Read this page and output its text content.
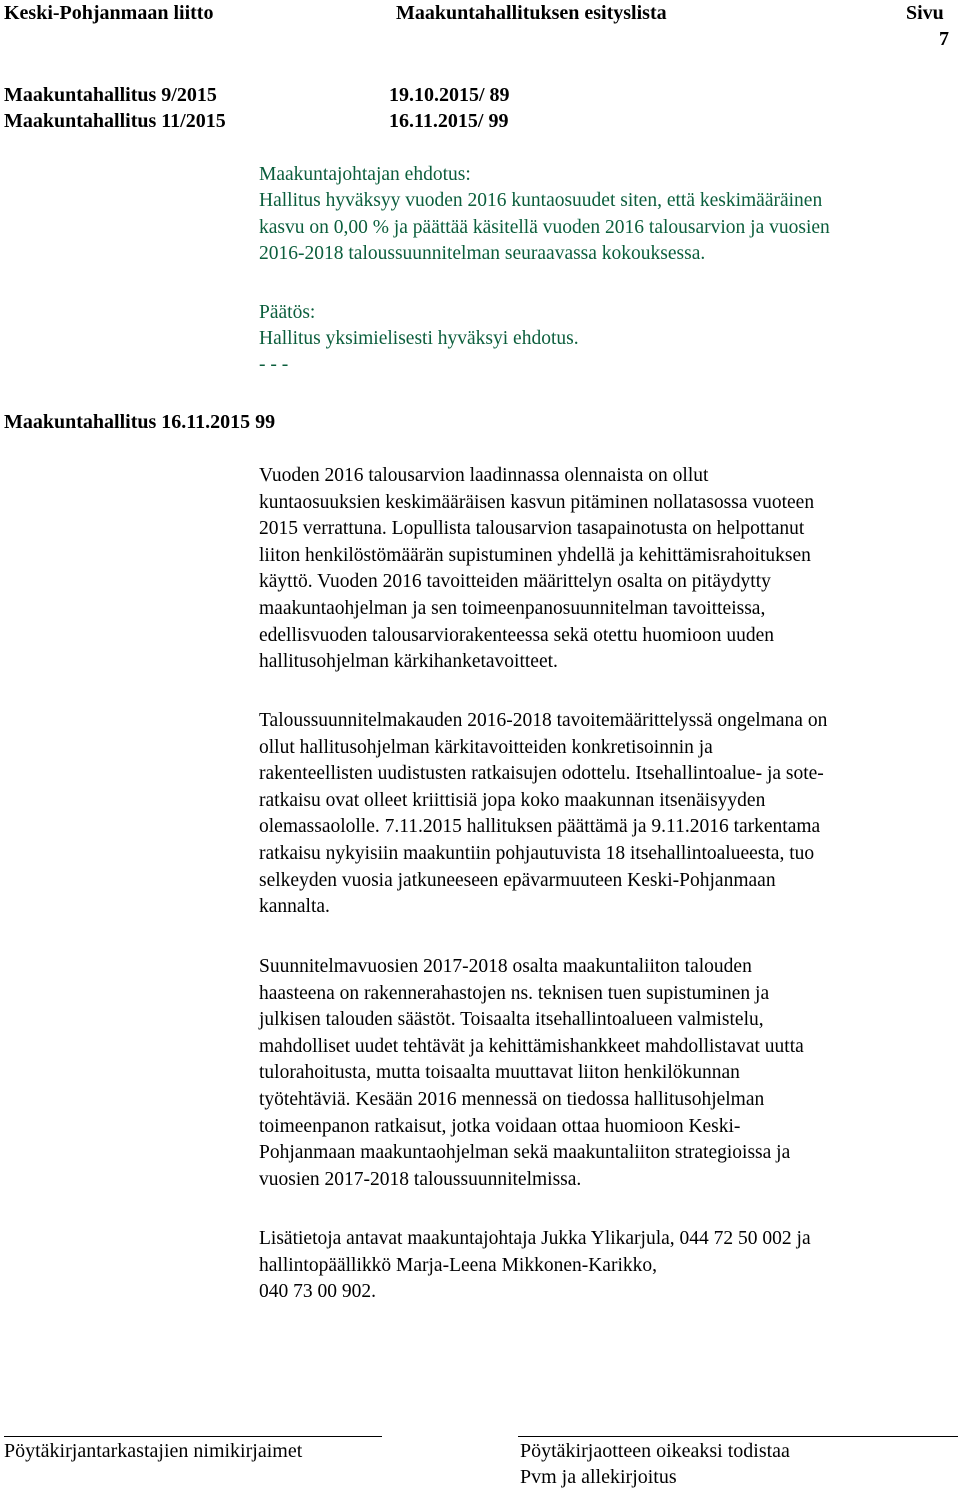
Keski-Pohjanmaan liitto	Maakuntahallituksen esityslista	Sivu
7
Maakuntahallitus 9/2015	19.10.2015/ 89
Maakuntahallitus 11/2015	16.11.2015/ 99
Maakuntajohtajan ehdotus:
Hallitus hyväksyy vuoden 2016 kuntaosuudet siten, että keskimääräinen
kasvu on 0,00 % ja päättää käsitellä vuoden 2016 talousarvion ja vuosien
2016-2018 taloussuunnitelman seuraavassa kokouksessa.
Päätös:
Hallitus yksimielisesti hyväksyi ehdotus.
- - -
Maakuntahallitus 16.11.2015 99
Vuoden 2016 talousarvion laadinnassa olennaista on ollut
kuntaosuuksien keskimääräisen kasvun pitäminen nollatasossa vuoteen
2015 verrattuna. Lopullista talousarvion tasapainotusta on helpottanut
liiton henkilöstömäärän supistuminen yhdellä ja kehittämisrahoituksen
käyttö. Vuoden 2016 tavoitteiden määrittelyn osalta on pitäydytty
maakuntaohjelman ja sen toimeenpanosuunnitelman tavoitteissa,
edellisvuoden talousarviorakenteessa sekä otettu huomioon uuden
hallitusohjelman kärkihanketavoitteet.
Taloussuunnitelmakauden 2016-2018 tavoitemäärittelyssä ongelmana on
ollut hallitusohjelman kärkitavoitteiden konkretisoinnin ja
rakenteellisten uudistusten ratkaisujen odottelu. Itsehallintoalue- ja sote-
ratkaisu ovat olleet kriittisiä jopa koko maakunnan itsenäisyyden
olemassaololle. 7.11.2015 hallituksen päättämä ja 9.11.2016 tarkentama
ratkaisu nykyisiin maakuntiin pohjautuvista 18 itsehallintoalueesta, tuo
selkeyden vuosia jatkuneeseen epävarmuuteen Keski-Pohjanmaan
kannalta.
Suunnitelmavuosien 2017-2018 osalta maakuntaliiton talouden
haasteena on rakennerahastojen ns. teknisen tuen supistuminen ja
julkisen talouden säästöt. Toisaalta itsehallintoalueen valmistelu,
mahdolliset uudet tehtävät ja kehittämishankkeet mahdollistavat uutta
tulorahoitusta, mutta toisaalta muuttavat liiton henkilökunnan
työtehtäviä. Kesään 2016 mennessä on tiedossa hallitusohjelman
toimeenpanon ratkaisut, jotka voidaan ottaa huomioon Keski-
Pohjanmaan maakuntaohjelman sekä maakuntaliiton strategioissa ja
vuosien 2017-2018 taloussuunnitelmissa.
Lisätietoja antavat maakuntajohtaja Jukka Ylikarjula, 044 72 50 002 ja
hallintopäällikkö Marja-Leena Mikkonen-Karikko,
040 73 00 902.
Pöytäkirjantarkastajien nimikirjaimet	Pöytäkirjaotteen oikeaksi todistaa
Pvm ja allekirjoitus
